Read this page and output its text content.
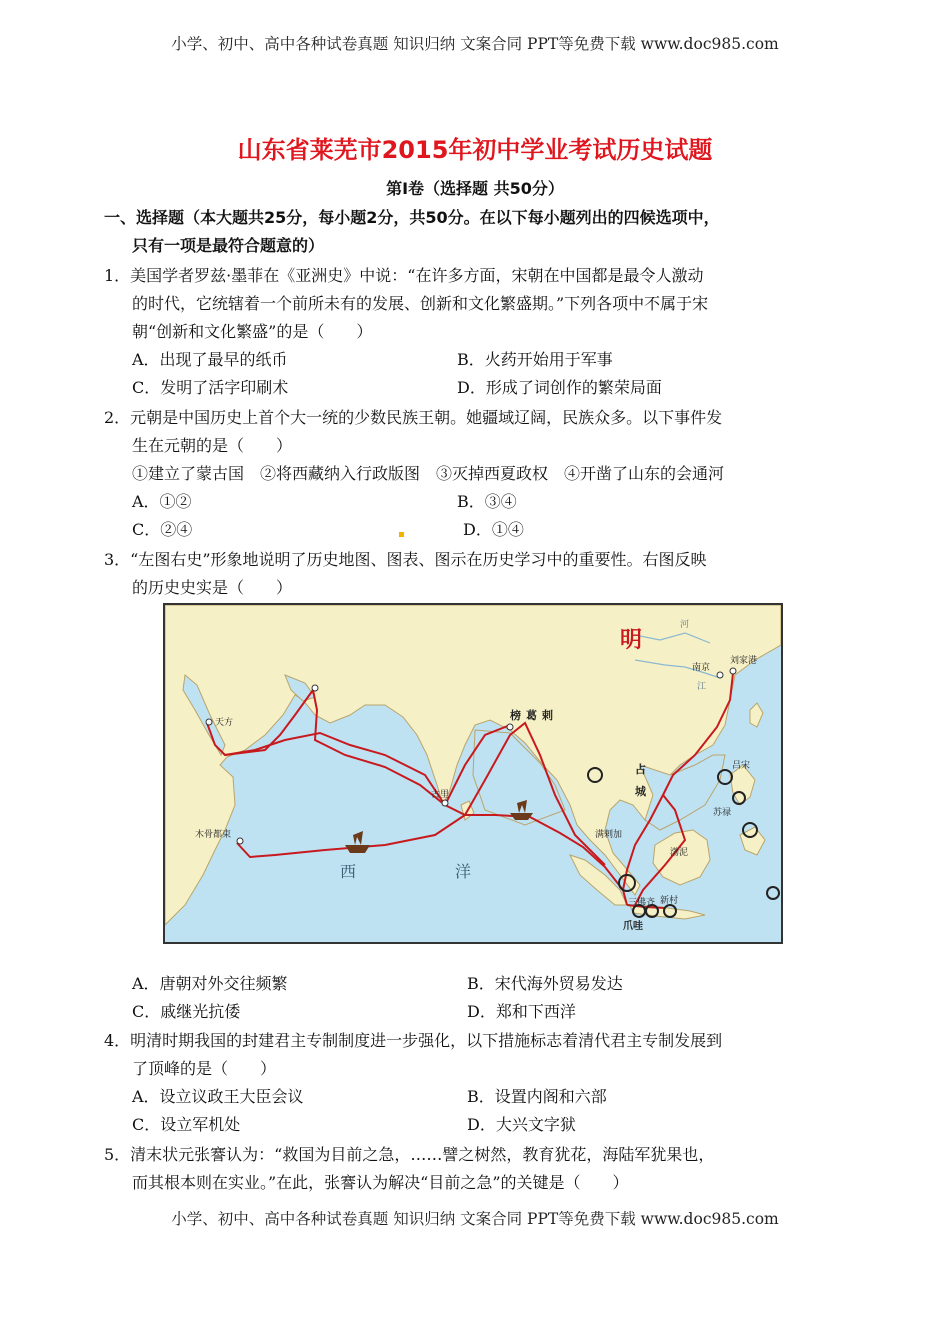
小学、初中、高中各种试卷真题 知识归纳 文案合同 PPT等免费下载 www.doc985.com
山东省莱芜市2015年初中学业考试历史试题
第Ⅰ卷（选择题 共50分）
一、选择题（本大题共25分，每小题2分，共50分。在以下每小题列出的四候选项中，
只有一项是最符合题意的）
1．美国学者罗兹·墨菲在《亚洲史》中说：“在许多方面，宋朝在中国都是最令人激动
的时代，它统辖着一个前所未有的发展、创新和文化繁盛期。”下列各项中不属于宋
朝“创新和文化繁盛”的是（　　）
A．出现了最早的纸币	B．火药开始用于军事
C．发明了活字印刷术	D．形成了词创作的繁荣局面
2．元朝是中国历史上首个大一统的少数民族王朝。她疆域辽阔，民族众多。以下事件发
生在元朝的是（　　）
①建立了蒙古国　②将西藏纳入行政版图　③灭掉西夏政权　④开凿了山东的会通河
A．①②	B．③④
C．②④	D．①④
3．“左图右史”形象地说明了历史地图、图表、图示在历史学习中的重要性。右图反映
的历史史实是（　　）
明
南京
刘家港
江
河
榜葛剌
天方
古里
木骨都束
占
城
吕宋
苏禄
渤泥
满剌加
三佛齐 新村
爪哇
西	洋
A．唐朝对外交往频繁	B．宋代海外贸易发达
C．戚继光抗倭	D．郑和下西洋
4．明清时期我国的封建君主专制制度进一步强化，以下措施标志着清代君主专制发展到
了顶峰的是（　　）
A．设立议政王大臣会议	B．设置内阁和六部
C．设立军机处	D．大兴文字狱
5．清末状元张謇认为：“救国为目前之急，……譬之树然，教育犹花，海陆军犹果也，
而其根本则在实业。”在此，张謇认为解决“目前之急”的关键是（　　）
小学、初中、高中各种试卷真题 知识归纳 文案合同 PPT等免费下载 www.doc985.com
